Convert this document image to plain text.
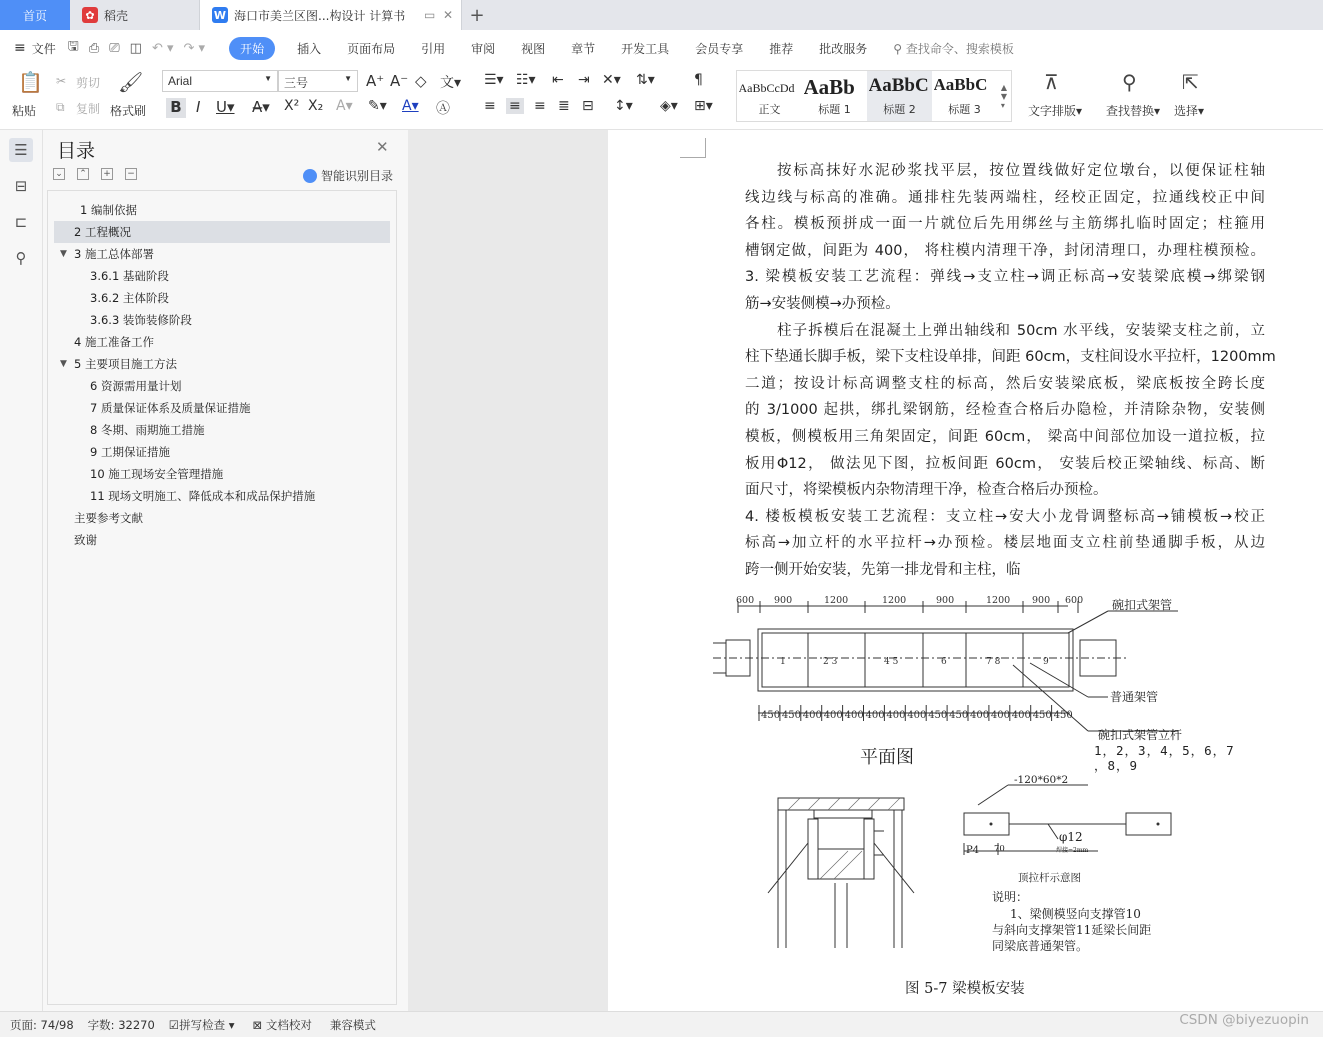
首页	✿ 稻壳	W 海口市美兰区图...构设计 计算书 ▭ ✕ +
≡ 文件 🖫 ⎙ ⎚ ◫ ↶ ▾ ↷ ▾	开始	插入 页面布局 引用 审阅 视图 章节 开发工具 会员专享 推荐 批改服务 ⚲ 查找命令、搜索模板
📋
粘贴
✂ 剪切
⧉ 复制
🖌
格式刷
Arial	▼	三号	▼ A⁺ A⁻ ◇ 文▾
B I U▾ A̶▾ X² X₂ A▾ ✎▾ A▾ Ⓐ
☰▾ ☷▾ ⇤ ⇥ ✕▾ ⇅▾	¶
≡ ≡ ≡ ≣ ⊟ ↕▾ ◈▾ ⊞▾
AaBbCcDd
正文
AaBb
标题 1
AaBbC
标题 2
AaBbC
标题 3
▲
▼
▾
⊼
文字排版▾
⚲
查找替换▾
⇱
选择▾
☰
⊟
⊏
⚲
目录	✕
⌄ ⌃ + −	智能识别目录
1 编制依据
2 工程概况
▼ 3 施工总体部署
3.6.1 基础阶段
3.6.2 主体阶段
3.6.3 装饰装修阶段
4 施工准备工作
▼ 5 主要项目施工方法
6 资源需用量计划
7 质量保证体系及质量保证措施
8 冬期、雨期施工措施
9 工期保证措施
10 施工现场安全管理措施
11 现场文明施工、降低成本和成品保护措施
主要参考文献
致谢
按标高抹好水泥砂浆找平层，按位置线做好定位墩台，以便保证柱轴
线边线与标高的准确。通排柱先装两端柱，经校正固定，拉通线校正中间
各柱。模板预拼成一面一片就位后先用绑丝与主筋绑扎临时固定；柱箍用
槽钢定做，间距为 400， 将柱模内清理干净，封闭清理口，办理柱模预检。
3. 梁模板安装工艺流程：弹线→支立柱→调正标高→安装梁底模→绑梁钢
筋→安装侧模→办预检。
柱子拆模后在混凝土上弹出轴线和 50cm 水平线，安装梁支柱之前，立
柱下垫通长脚手板，梁下支柱设单排，间距 60cm，支柱间设水平拉杆，1200mm
二道；按设计标高调整支柱的标高，然后安装梁底板，梁底板按全跨长度
的 3/1000 起拱，绑扎梁钢筋，经检查合格后办隐检，并清除杂物，安装侧
模板，侧模板用三角架固定，间距 60cm， 梁高中间部位加设一道拉板，拉
板用Φ12， 做法见下图，拉板间距 60cm， 安装后校正梁轴线、标高、断
面尺寸，将梁模板内杂物清理干净，检查合格后办预检。
4. 楼板模板安装工艺流程：支立柱→安大小龙骨调整标高→铺模板→校正
标高→加立杆的水平拉杆→办预检。楼层地面支立柱前垫通脚手板，从边
跨一侧开始安装，先第一排龙骨和主柱，临
1	2 3	4 5	6	7 8	9
600 900	1200	1200	900	1200 900 600
450 450 400 400 400 400 400 400 450 450 400 400 400 450 450
碗扣式架管
普通架管
碗扣式架管立杆
1，2，3，4，5，6，7
，8，9
平面图
-120*60*2
φ12
P4 70	焊接=2mm
顶拉杆示意图
说明：
1、梁侧模竖向支撑管10
与斜向支撑架管11延梁长间距
同梁底普通架管。
图 5-7 梁模板安装
页面: 74/98 字数: 32270 ☑拼写检查 ▾ ⊠ 文档校对 兼容模式	CSDN @biyezuopin
